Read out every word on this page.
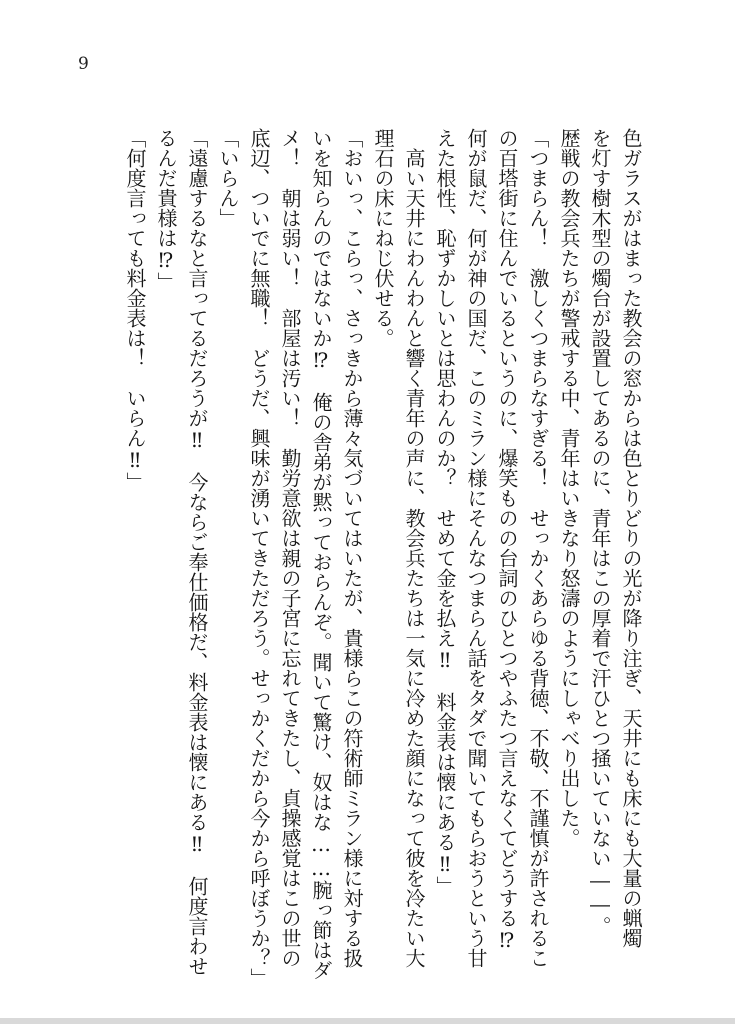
9
色ガラスがはまった教会の窓からは色とりどりの光が降り注ぎ、天井にも床にも大量の蝋燭
を灯す樹木型の燭台が設置してあるのに、青年はこの厚着で汗ひとつ掻いていない――。
歴戦の教会兵たちが警戒する中、青年はいきなり怒濤のようにしゃべり出した。
「つまらん！　激しくつまらなすぎる！　せっかくあらゆる背徳、不敬、不謹慎が許されるこ
の百塔街に住んでいるというのに、爆笑ものの台詞のひとつやふたつ言えなくてどうする⁉
何が鼠だ、何が神の国だ、このミラン様にそんなつまらん話をタダで聞いてもらおうという甘
えた根性、恥ずかしいとは思わんのか？　せめて金を払え‼　料金表は懐にある‼」
　高い天井にわんわんと響く青年の声に、教会兵たちは一気に冷めた顔になって彼を冷たい大
理石の床にねじ伏せる。
「おいっ、こらっ、さっきから薄々気づいてはいたが、貴様らこの符術師ミラン様に対する扱
いを知らんのではないか⁉　俺の舎弟が黙っておらんぞ。聞いて驚け、奴はな……腕っ節はダ
メ！　朝は弱い！　部屋は汚い！　勤労意欲は親の子宮に忘れてきたし、貞操感覚はこの世の
底辺、ついでに無職！　どうだ、興味が湧いてきただろう。せっかくだから今から呼ぼうか？」
「いらん」
「遠慮するなと言ってるだろうが‼　今ならご奉仕価格だ、料金表は懐にある‼　何度言わせ
るんだ貴様は⁉」
「何度言っても料金表は！　いらん‼」
